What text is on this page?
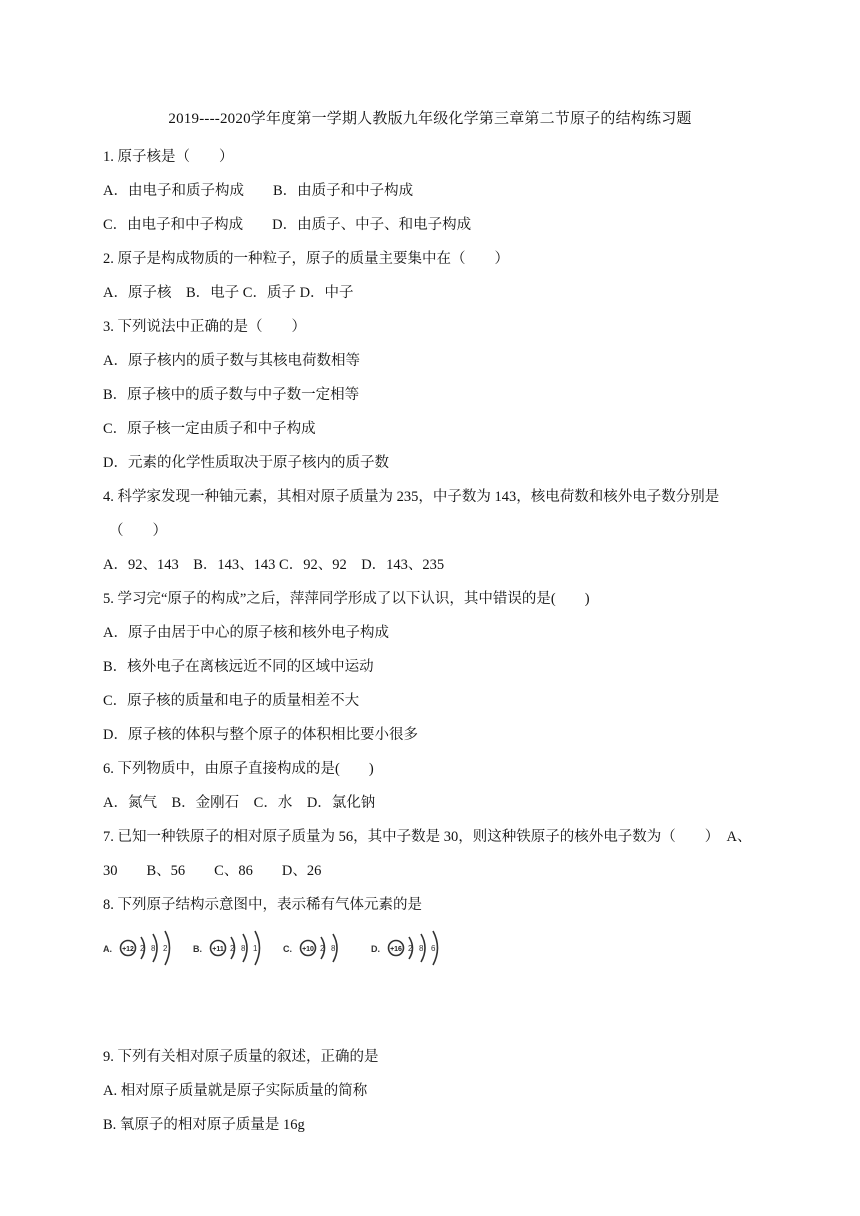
2019----2020学年度第一学期人教版九年级化学第三章第二节原子的结构练习题
1. 原子核是（　　）
A．由电子和质子构成　　B．由质子和中子构成
C．由电子和中子构成　　D．由质子、中子、和电子构成
2. 原子是构成物质的一种粒子，原子的质量主要集中在（　　）
A．原子核　B．电子 C．质子 D．中子
3. 下列说法中正确的是（　　）
A．原子核内的质子数与其核电荷数相等
B．原子核中的质子数与中子数一定相等
C．原子核一定由质子和中子构成
D．元素的化学性质取决于原子核内的质子数
4. 科学家发现一种铀元素，其相对原子质量为 235，中子数为 143，核电荷数和核外电子数分别是
（　　）
A．92、143　B．143、143 C．92、92　D．143、235
5. 学习完“原子的构成”之后，萍萍同学形成了以下认识，其中错误的是(　　)
A．原子由居于中心的原子核和核外电子构成
B．核外电子在离核远近不同的区域中运动
C．原子核的质量和电子的质量相差不大
D．原子核的体积与整个原子的体积相比要小很多
6. 下列物质中，由原子直接构成的是(　　)
A．氮气　B．金刚石　C．水　D．氯化钠
7. 已知一种铁原子的相对原子质量为 56，其中子数是 30，则这种铁原子的核外电子数为（　　）　A、
30　　B、56　　C、86　　D、26
8. 下列原子结构示意图中，表示稀有气体元素的是
A. +12 2 8 2	B. +11 2 8 1	C. +10 2 8	D. +16 2 8 6
9. 下列有关相对原子质量的叙述，正确的是
A. 相对原子质量就是原子实际质量的简称
B. 氧原子的相对原子质量是 16g
